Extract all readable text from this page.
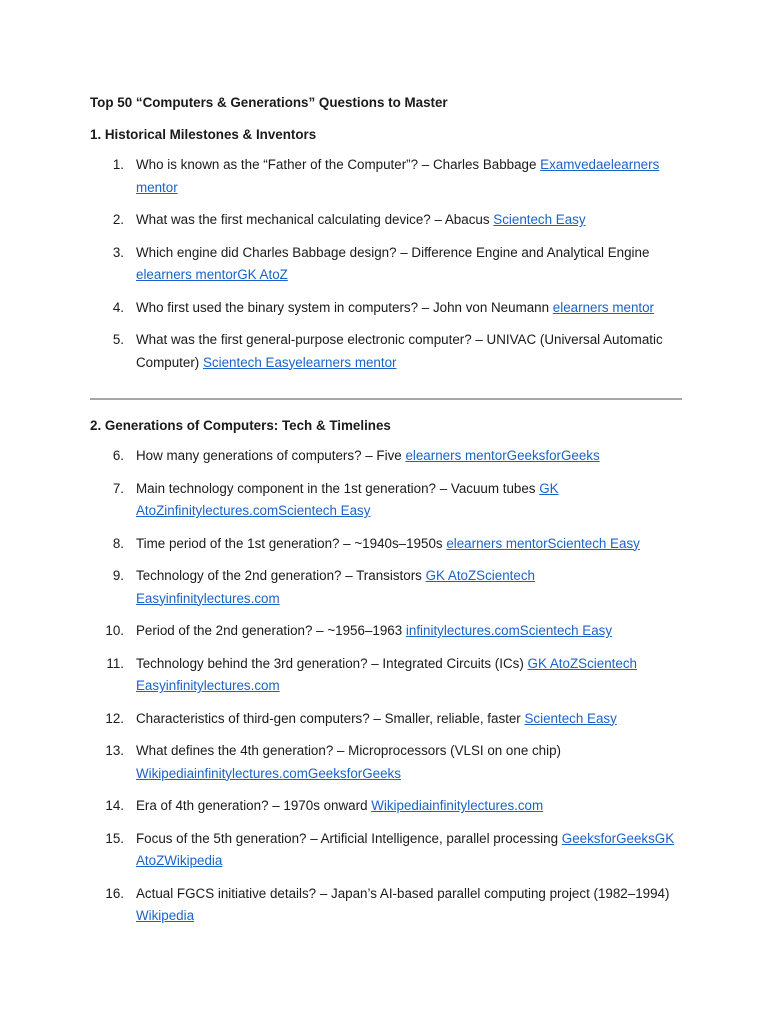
Top 50 “Computers & Generations” Questions to Master

1. Historical Milestones & Inventors

1. Who is known as the “Father of the Computer”? – Charles Babbage Examvedaelearners mentor
2. What was the first mechanical calculating device? – Abacus Scientech Easy
3. Which engine did Charles Babbage design? – Difference Engine and Analytical Engine elearners mentorGK AtoZ
4. Who first used the binary system in computers? – John von Neumann elearners mentor
5. What was the first general-purpose electronic computer? – UNIVAC (Universal Automatic Computer) Scientech Easyelearners mentor

2. Generations of Computers: Tech & Timelines

6. How many generations of computers? – Five elearners mentorGeeksforGeeks
7. Main technology component in the 1st generation? – Vacuum tubes GK AtoZinfinitylectures.comScientech Easy
8. Time period of the 1st generation? – ~1940s–1950s elearners mentorScientech Easy
9. Technology of the 2nd generation? – Transistors GK AtoZScientech Easyinfinitylectures.com
10. Period of the 2nd generation? – ~1956–1963 infinitylectures.comScientech Easy
11. Technology behind the 3rd generation? – Integrated Circuits (ICs) GK AtoZScientech Easyinfinitylectures.com
12. Characteristics of third-gen computers? – Smaller, reliable, faster Scientech Easy
13. What defines the 4th generation? – Microprocessors (VLSI on one chip) Wikipediainfinitylectures.comGeeksforGeeks
14. Era of 4th generation? – 1970s onward Wikipediainfinitylectures.com
15. Focus of the 5th generation? – Artificial Intelligence, parallel processing GeeksforGeeksGK AtoZWikipedia
16. Actual FGCS initiative details? – Japan’s AI-based parallel computing project (1982–1994) Wikipedia
